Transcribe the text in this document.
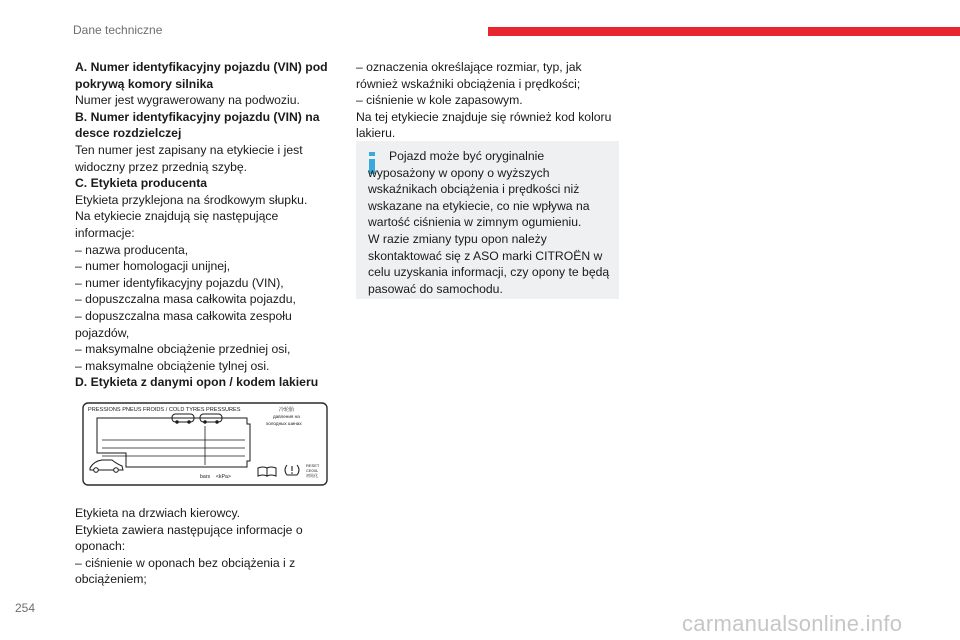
Dane techniczne

A. Numer identyfikacyjny pojazdu (VIN) pod pokrywą komory silnika

Numer jest wygrawerowany na podwoziu.

B. Numer identyfikacyjny pojazdu (VIN) na desce rozdzielczej

Ten numer jest zapisany na etykiecie i jest widoczny przez przednią szybę.

C. Etykieta producenta

Etykieta przyklejona na środkowym słupku.

Na etykiecie znajdują się następujące informacje:

– nazwa producenta,

– numer homologacji unijnej,

– numer identyfikacyjny pojazdu (VIN),

– dopuszczalna masa całkowita pojazdu,

– dopuszczalna masa całkowita zespołu pojazdów,

– maksymalne obciążenie przedniej osi,

– maksymalne obciążenie tylnej osi.

D. Etykieta z danymi opon / kodem lakieru

PRESSIONS PNEUS FROIDS / COLD TYRES PRESSURES	冷轮胎
давления на
холодных шинах
bars    <kPa>
RESET
CE00L
初始化

Etykieta na drzwiach kierowcy.

Etykieta zawiera następujące informacje o oponach:

– ciśnienie w oponach bez obciążenia i z obciążeniem;

– oznaczenia określające rozmiar, typ, jak również wskaźniki obciążenia i prędkości;

– ciśnienie w kole zapasowym.

Na tej etykiecie znajduje się również kod koloru lakieru.

Pojazd może być oryginalnie wyposażony w opony o wyższych wskaźnikach obciążenia i prędkości niż wskazane na etykiecie, co nie wpływa na wartość ciśnienia w zimnym ogumieniu.

W razie zmiany typu opon należy skontaktować się z ASO marki CITROËN w celu uzyskania informacji, czy opony te będą pasować do samochodu.

254
carmanualsonline.info
